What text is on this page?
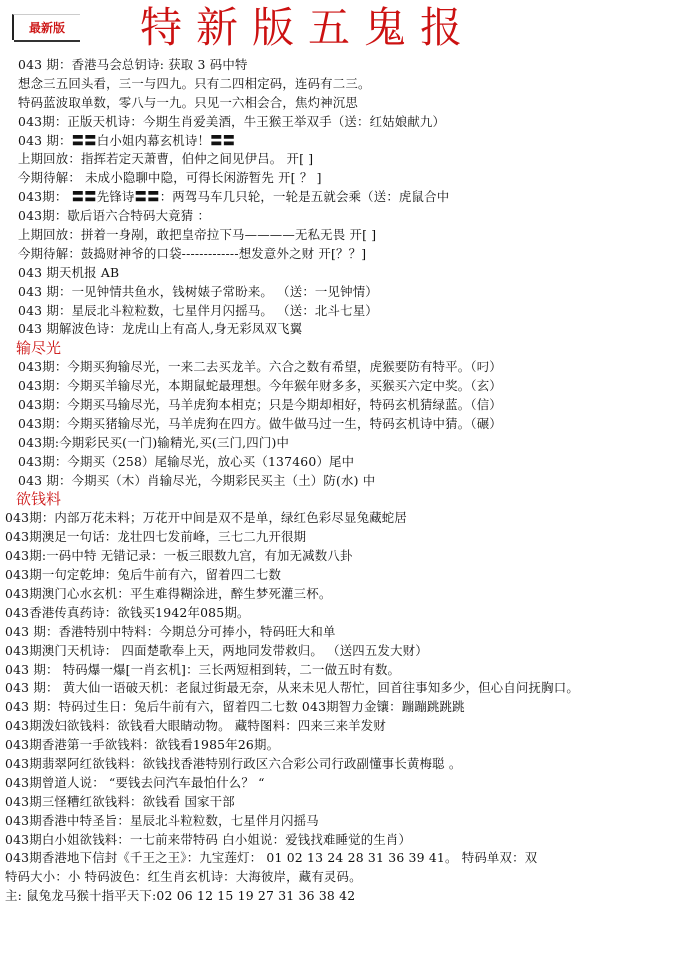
最新版	特新版五鬼报
043 期：香港马会总钥诗: 获取 3 码中特
想念三五回头看，三一与四九。只有二四相定码，连码有二三。
特码蓝波取单数，零八与一九。只见一六相会合，焦灼神沉思
043期：正版天机诗：今期生肖爱美酒，牛王猴王举双手（送：红姑娘献九）
043 期：〓〓白小姐内幕玄机诗！〓〓
上期回放：指挥若定天萧曹，伯仲之间见伊吕。 开[ ]
今期待解： 未成小隐聊中隐，可得长闲游暂先 开[ ？ ]
043期： 〓〓先锋诗〓〓：两驾马车几只轮，一轮是五就会乘（送：虎鼠合中
043期：歇后语六合特码大竟猜 ：
上期回放：拼着一身剐，敢把皇帝拉下马————无私无畏 开[ ]
今期待解：鼓捣财神爷的口袋-------------想发意外之财 开[？？]
043 期天机报 AB
043 期：一见钟情共鱼水，钱树婊子常盼来。 （送：一见钟情）
043 期：星辰北斗粒粒数，七星伴月闪摇马。 （送：北斗七星）
043 期解波色诗：龙虎山上有高人,身无彩凤双飞翼
输尽光
043期：今期买狗输尽光，一来二去买龙羊。六合之数有希望，虎猴要防有特平。（叼）
043期：今期买羊输尽光，本期鼠蛇最理想。今年猴年财多多，买猴买六定中奖。（玄）
043期：今期买马输尽光，马羊虎狗本相克；只是今期却相好，特码玄机猜绿蓝。（信）
043期：今期买猪输尽光，马羊虎狗在四方。做牛做马过一生，特码玄机诗中猜。（碾）
043期:今期彩民买(一门)输精光,买(三门,四门)中
043期：今期买（258）尾输尽光，放心买（137460）尾中
043 期：今期买（木）肖输尽光，今期彩民买主（土）防(水) 中
欲钱料
043期：内部万花未料；万花开中间是双不是单，绿红色彩尽显兔藏蛇居
043期澳足一句话：龙壮四七发前峰，三七二九开很期
043期:一码中特 无错记录：一板三眼数九宫，有加无减数八卦
043期一句定乾坤：兔后牛前有六，留着四二七数
043期澳门心水玄机：平生难得糊涂进，醉生梦死灌三杯。
043香港传真药诗：欲钱买1942年085期。
043 期：香港特别中特料：今期总分可捧小，特码旺大和单
043期澳门天机诗： 四面楚歌奉上天，两地同发带救归。 （送四五发大财）
043 期： 特码爆一爆[一肖玄机]：三长两短相到转，二一做五时有数。
043 期： 黄大仙一语破天机：老鼠过街最无奈，从来未见人帮忙，回首往事知多少，但心自问抚胸口。
043 期：特码过生日：兔后牛前有六，留着四二七数 043期智力金镶：蹦蹦跳跳跳
043期泼妇欲钱料：欲钱看大眼睛动物。 藏特图料：四来三来羊发财
043期香港第一手欲钱料：欲钱看1985年26期。
043期翡翠阿红欲钱料：欲钱找香港特别行政区六合彩公司行政副懂事长黄梅聪 。
043期曾道人说： “要钱去问汽车最怕什么？ “
043期三怪糟红欲钱料：欲钱看 国家干部
043期香港中特圣旨：星辰北斗粒粒数，七星伴月闪摇马
043期白小姐欲钱料：一七前来带特码 白小姐说：爱钱找难睡觉的生肖）
043期香港地下信封《千王之王》：九宝莲灯： 01 02 13 24 28 31 36 39 41。 特码单双：双
特码大小：小 特码波色：红生肖玄机诗：大海彼岸，藏有灵码。
主: 鼠兔龙马猴十指平天下:02 06 12 15 19 27 31 36 38 42
